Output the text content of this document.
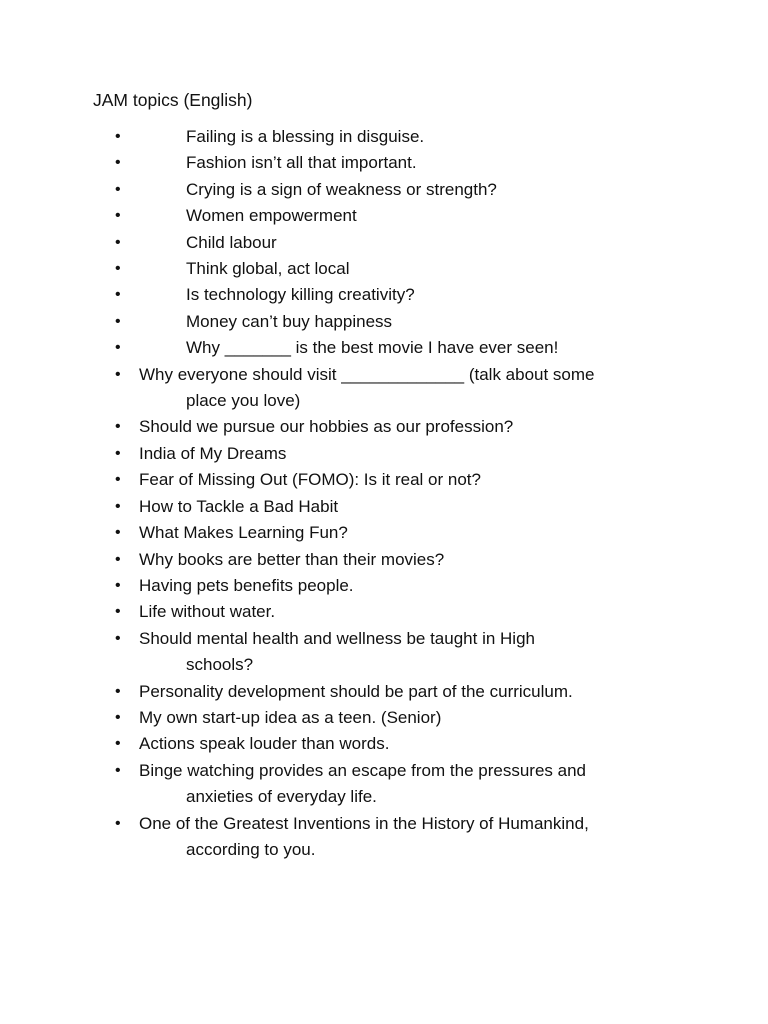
JAM topics (English)
•	Failing is a blessing in disguise.
•	Fashion isn’t all that important.
•	Crying is a sign of weakness or strength?
•	Women empowerment
•	Child labour
•	Think global, act local
•	Is technology killing creativity?
•	Money can’t buy happiness
•	Why _______ is the best movie I have ever seen!
• Why everyone should visit _____________ (talk about some
place you love)
• Should we pursue our hobbies as our profession?
• India of My Dreams
• Fear of Missing Out (FOMO): Is it real or not?
• How to Tackle a Bad Habit
• What Makes Learning Fun?
• Why books are better than their movies?
• Having pets benefits people.
• Life without water.
• Should mental health and wellness be taught in High
schools?
• Personality development should be part of the curriculum.
• My own start-up idea as a teen. (Senior)
• Actions speak louder than words.
• Binge watching provides an escape from the pressures and
anxieties of everyday life.
• One of the Greatest Inventions in the History of Humankind,
according to you.
